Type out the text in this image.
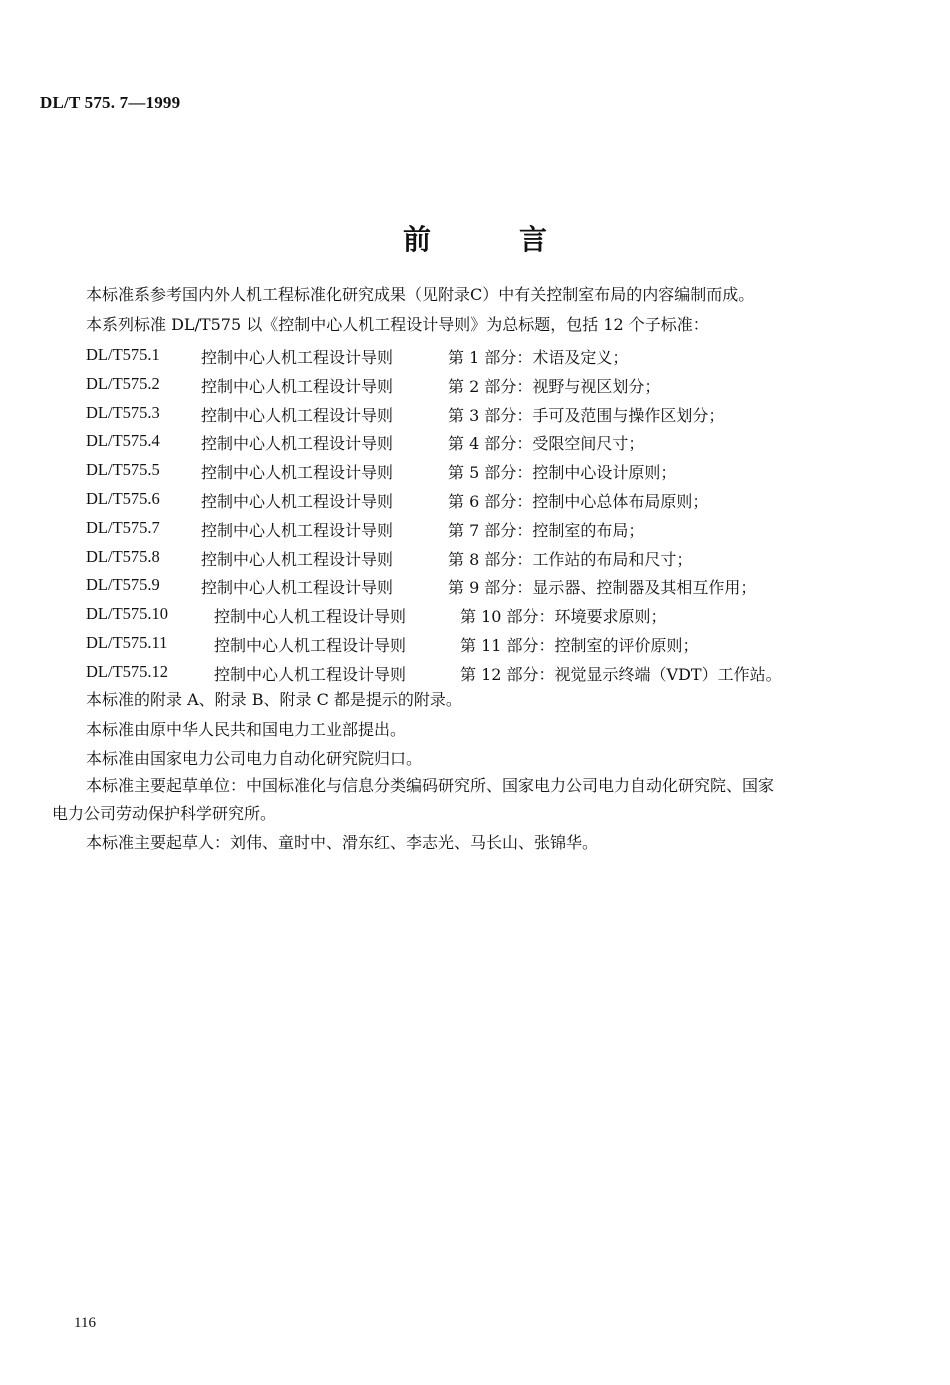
DL/T 575. 7—1999
前	言
本标准系参考国内外人机工程标准化研究成果（见附录C）中有关控制室布局的内容编制而成。
本系列标准 DL/T575 以《控制中心人机工程设计导则》为总标题，包括 12 个子标准：
DL/T575.1	控制中心人机工程设计导则	第 1 部分：术语及定义；
DL/T575.2	控制中心人机工程设计导则	第 2 部分：视野与视区划分；
DL/T575.3	控制中心人机工程设计导则	第 3 部分：手可及范围与操作区划分；
DL/T575.4	控制中心人机工程设计导则	第 4 部分：受限空间尺寸；
DL/T575.5	控制中心人机工程设计导则	第 5 部分：控制中心设计原则；
DL/T575.6	控制中心人机工程设计导则	第 6 部分：控制中心总体布局原则；
DL/T575.7	控制中心人机工程设计导则	第 7 部分：控制室的布局；
DL/T575.8	控制中心人机工程设计导则	第 8 部分：工作站的布局和尺寸；
DL/T575.9	控制中心人机工程设计导则	第 9 部分：显示器、控制器及其相互作用；
DL/T575.10	控制中心人机工程设计导则	第 10 部分：环境要求原则；
DL/T575.11	控制中心人机工程设计导则	第 11 部分：控制室的评价原则；
DL/T575.12	控制中心人机工程设计导则	第 12 部分：视觉显示终端（VDT）工作站。
本标准的附录 A、附录 B、附录 C 都是提示的附录。
本标准由原中华人民共和国电力工业部提出。
本标准由国家电力公司电力自动化研究院归口。
本标准主要起草单位：中国标准化与信息分类编码研究所、国家电力公司电力自动化研究院、国家
电力公司劳动保护科学研究所。
本标准主要起草人：刘伟、童时中、滑东红、李志光、马长山、张锦华。
116
